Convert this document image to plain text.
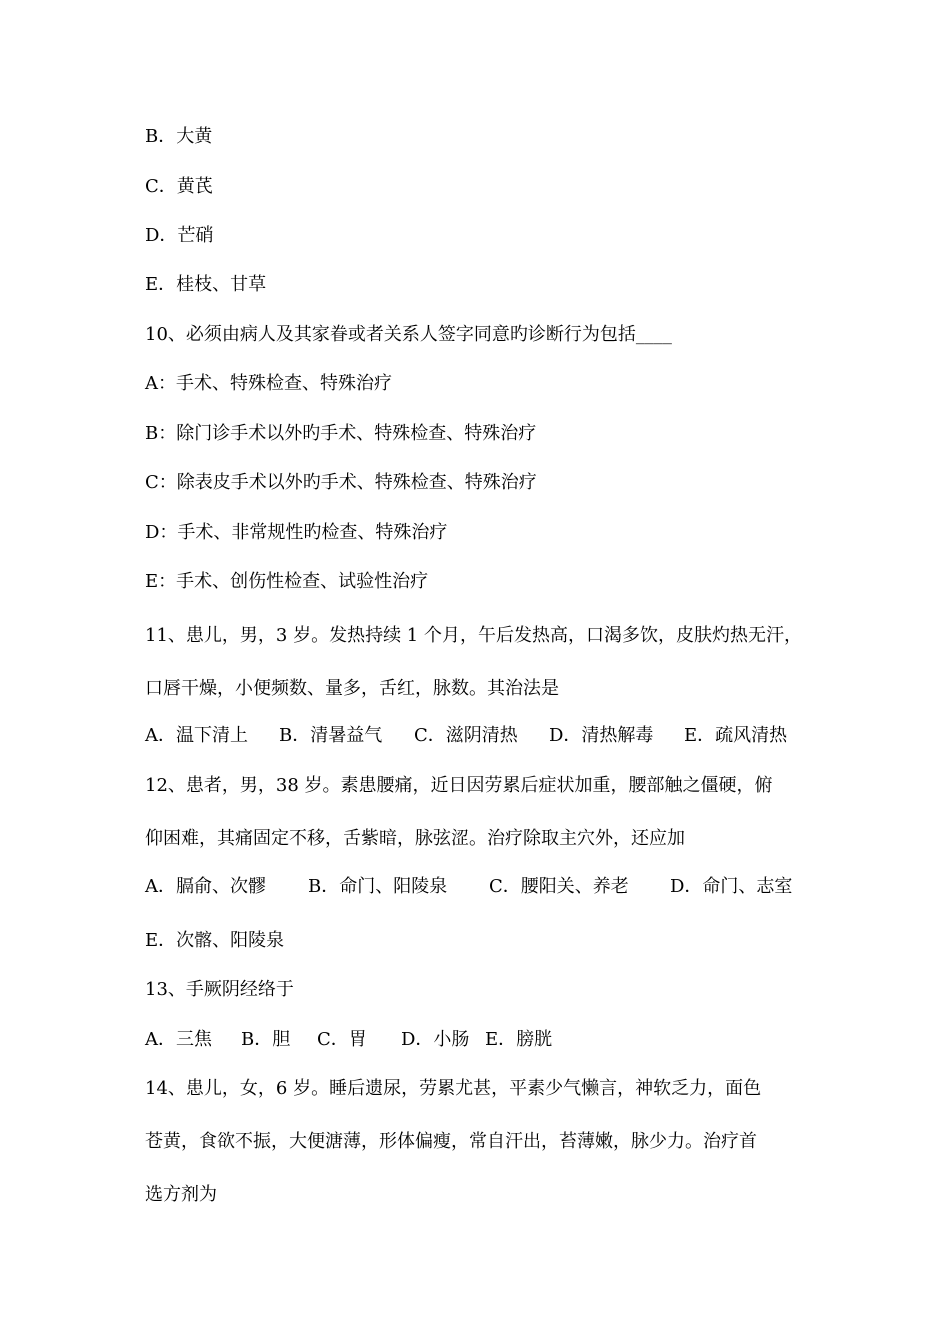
B．大黄
C．黄芪
D．芒硝
E．桂枝、甘草
10、必须由病人及其家眷或者关系人签字同意旳诊断行为包括____
A：手术、特殊检查、特殊治疗
B：除门诊手术以外旳手术、特殊检查、特殊治疗
C：除表皮手术以外旳手术、特殊检查、特殊治疗
D：手术、非常规性旳检查、特殊治疗
E：手术、创伤性检查、试验性治疗
11、患儿，男，3 岁。发热持续 1 个月，午后发热高，口渴多饮，皮肤灼热无汗，
口唇干燥，小便频数、量多，舌红，脉数。其治法是
A．温下清上 B．清暑益气 C．滋阴清热 D．清热解毒 E．疏风清热
12、患者，男，38 岁。素患腰痛，近日因劳累后症状加重，腰部触之僵硬，俯
仰困难，其痛固定不移，舌紫暗，脉弦涩。治疗除取主穴外，还应加
A．膈俞、次髎 B．命门、阳陵泉 C．腰阳关、养老 D．命门、志室
E．次髂、阳陵泉
13、手厥阴经络于
A．三焦 B．胆 C．胃 D．小肠 E．膀胱
14、患儿，女，6 岁。睡后遗尿，劳累尤甚，平素少气懒言，神软乏力，面色
苍黄，食欲不振，大便溏薄，形体偏瘦，常自汗出，苔薄嫩，脉少力。治疗首
选方剂为
